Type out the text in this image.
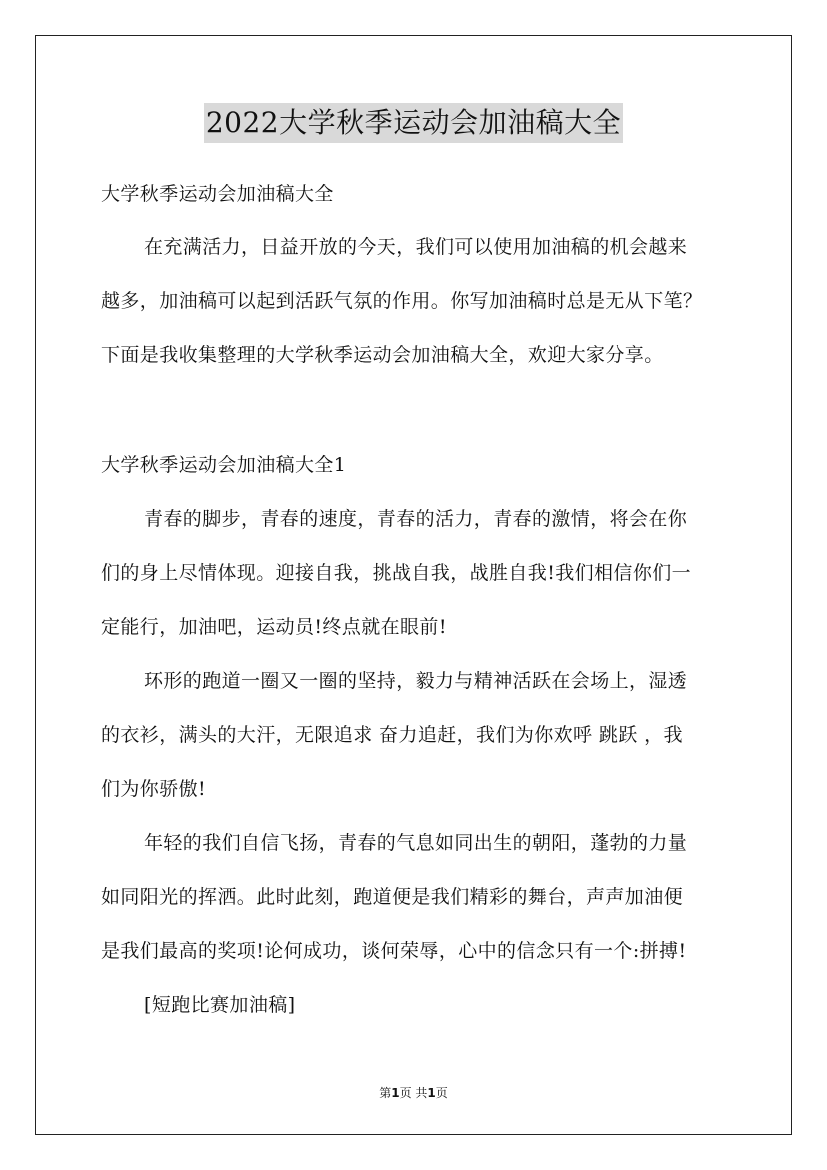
2022大学秋季运动会加油稿大全
大学秋季运动会加油稿大全
在充满活力，日益开放的今天，我们可以使用加油稿的机会越来
越多，加油稿可以起到活跃气氛的作用。你写加油稿时总是无从下笔？
下面是我收集整理的大学秋季运动会加油稿大全，欢迎大家分享。
大学秋季运动会加油稿大全1
青春的脚步，青春的速度，青春的活力，青春的激情，将会在你
们的身上尽情体现。迎接自我，挑战自我，战胜自我!我们相信你们一
定能行，加油吧，运动员!终点就在眼前!
环形的跑道一圈又一圈的坚持，毅力与精神活跃在会场上，湿透
的衣衫，满头的大汗，无限追求 奋力追赶，我们为你欢呼 跳跃 ，我
们为你骄傲!
年轻的我们自信飞扬，青春的气息如同出生的朝阳，蓬勃的力量
如同阳光的挥洒。此时此刻，跑道便是我们精彩的舞台，声声加油便
是我们最高的奖项!论何成功，谈何荣辱，心中的信念只有一个:拼搏!
[短跑比赛加油稿]
第1页 共1页
